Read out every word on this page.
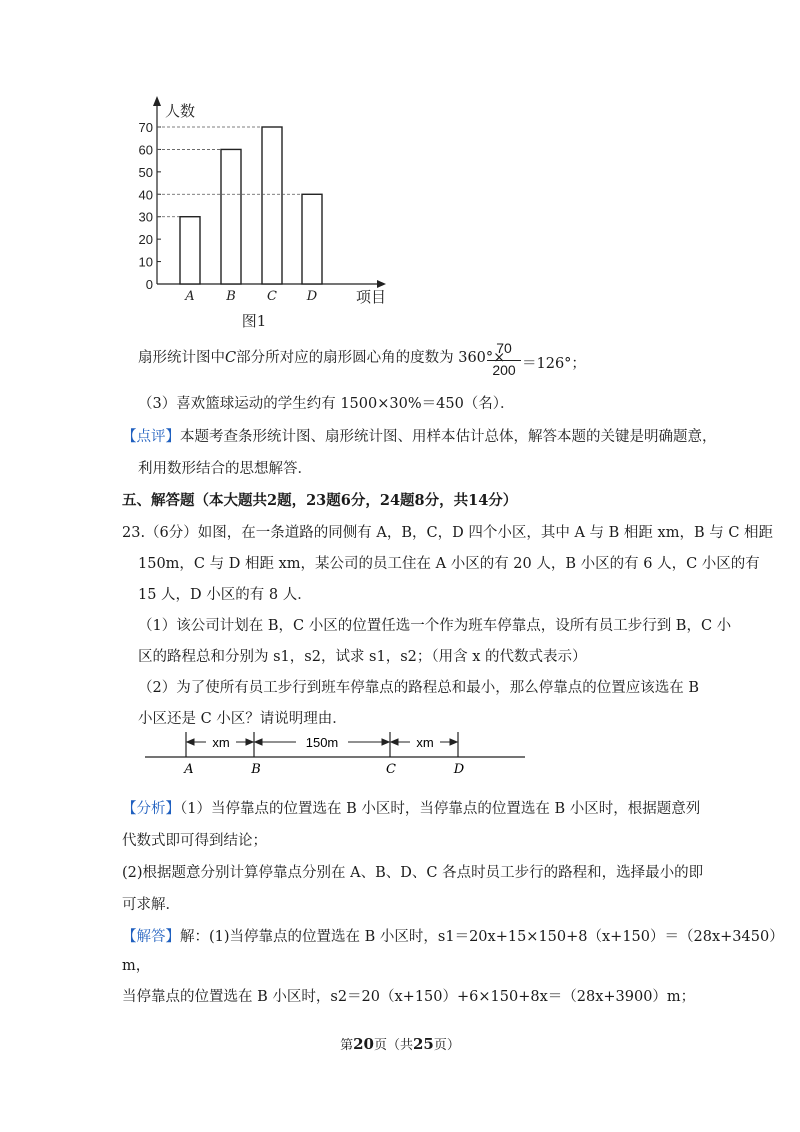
0
10
20
30
40
50
60
70
A B C D
人数
项目
图1
扇形统计图中C部分所对应的扇形圆心角的度数为 360°×
70
200 ＝126°；
（3）喜欢篮球运动的学生约有 1500×30%＝450（名）．
【点评】本题考查条形统计图、扇形统计图、用样本估计总体，解答本题的关键是明确题意，
利用数形结合的思想解答．
五、解答题（本大题共2题，23题6分，24题8分，共14分）
23.（6分）如图，在一条道路的同侧有 A，B，C，D 四个小区，其中 A 与 B 相距 xm，B 与 C 相距
150m，C 与 D 相距 xm，某公司的员工住在 A 小区的有 20 人，B 小区的有 6 人，C 小区的有
15 人，D 小区的有 8 人．
（1）该公司计划在 B，C 小区的位置任选一个作为班车停靠点，设所有员工步行到 B，C 小
区的路程总和分别为 s1，s2，试求 s1，s2；（用含 x 的代数式表示）
（2）为了使所有员工步行到班车停靠点的路程总和最小，那么停靠点的位置应该选在 B
小区还是 C 小区？请说明理由．
xm	150m	xm
A	B	C	D
【分析】（1）当停靠点的位置选在 B 小区时，当停靠点的位置选在 B 小区时，根据题意列
代数式即可得到结论；
(2)根据题意分别计算停靠点分别在 A、B、D、C 各点时员工步行的路程和，选择最小的即
可求解．
【解答】解：(1)当停靠点的位置选在 B 小区时，s1＝20x+15×150+8（x+150）＝（28x+3450）
m，
当停靠点的位置选在 B 小区时，s2＝20（x+150）+6×150+8x＝（28x+3900）m；
第20页（共25页）
